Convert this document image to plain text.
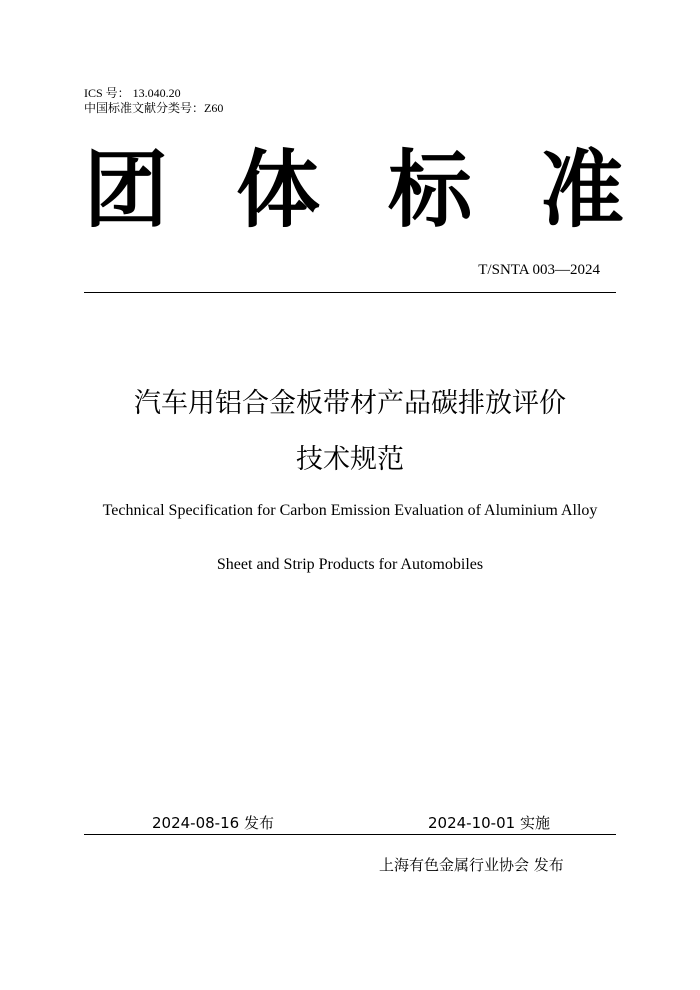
ICS 号： 13.040.20
中国标准文献分类号：Z60
团 体 标 准
T/SNTA 003—2024
汽车用铝合金板带材产品碳排放评价
技术规范
Technical Specification for Carbon Emission Evaluation of Aluminium Alloy
Sheet and Strip Products for Automobiles
2024-08-16 发布	2024-10-01 实施
上海有色金属行业协会 发布
